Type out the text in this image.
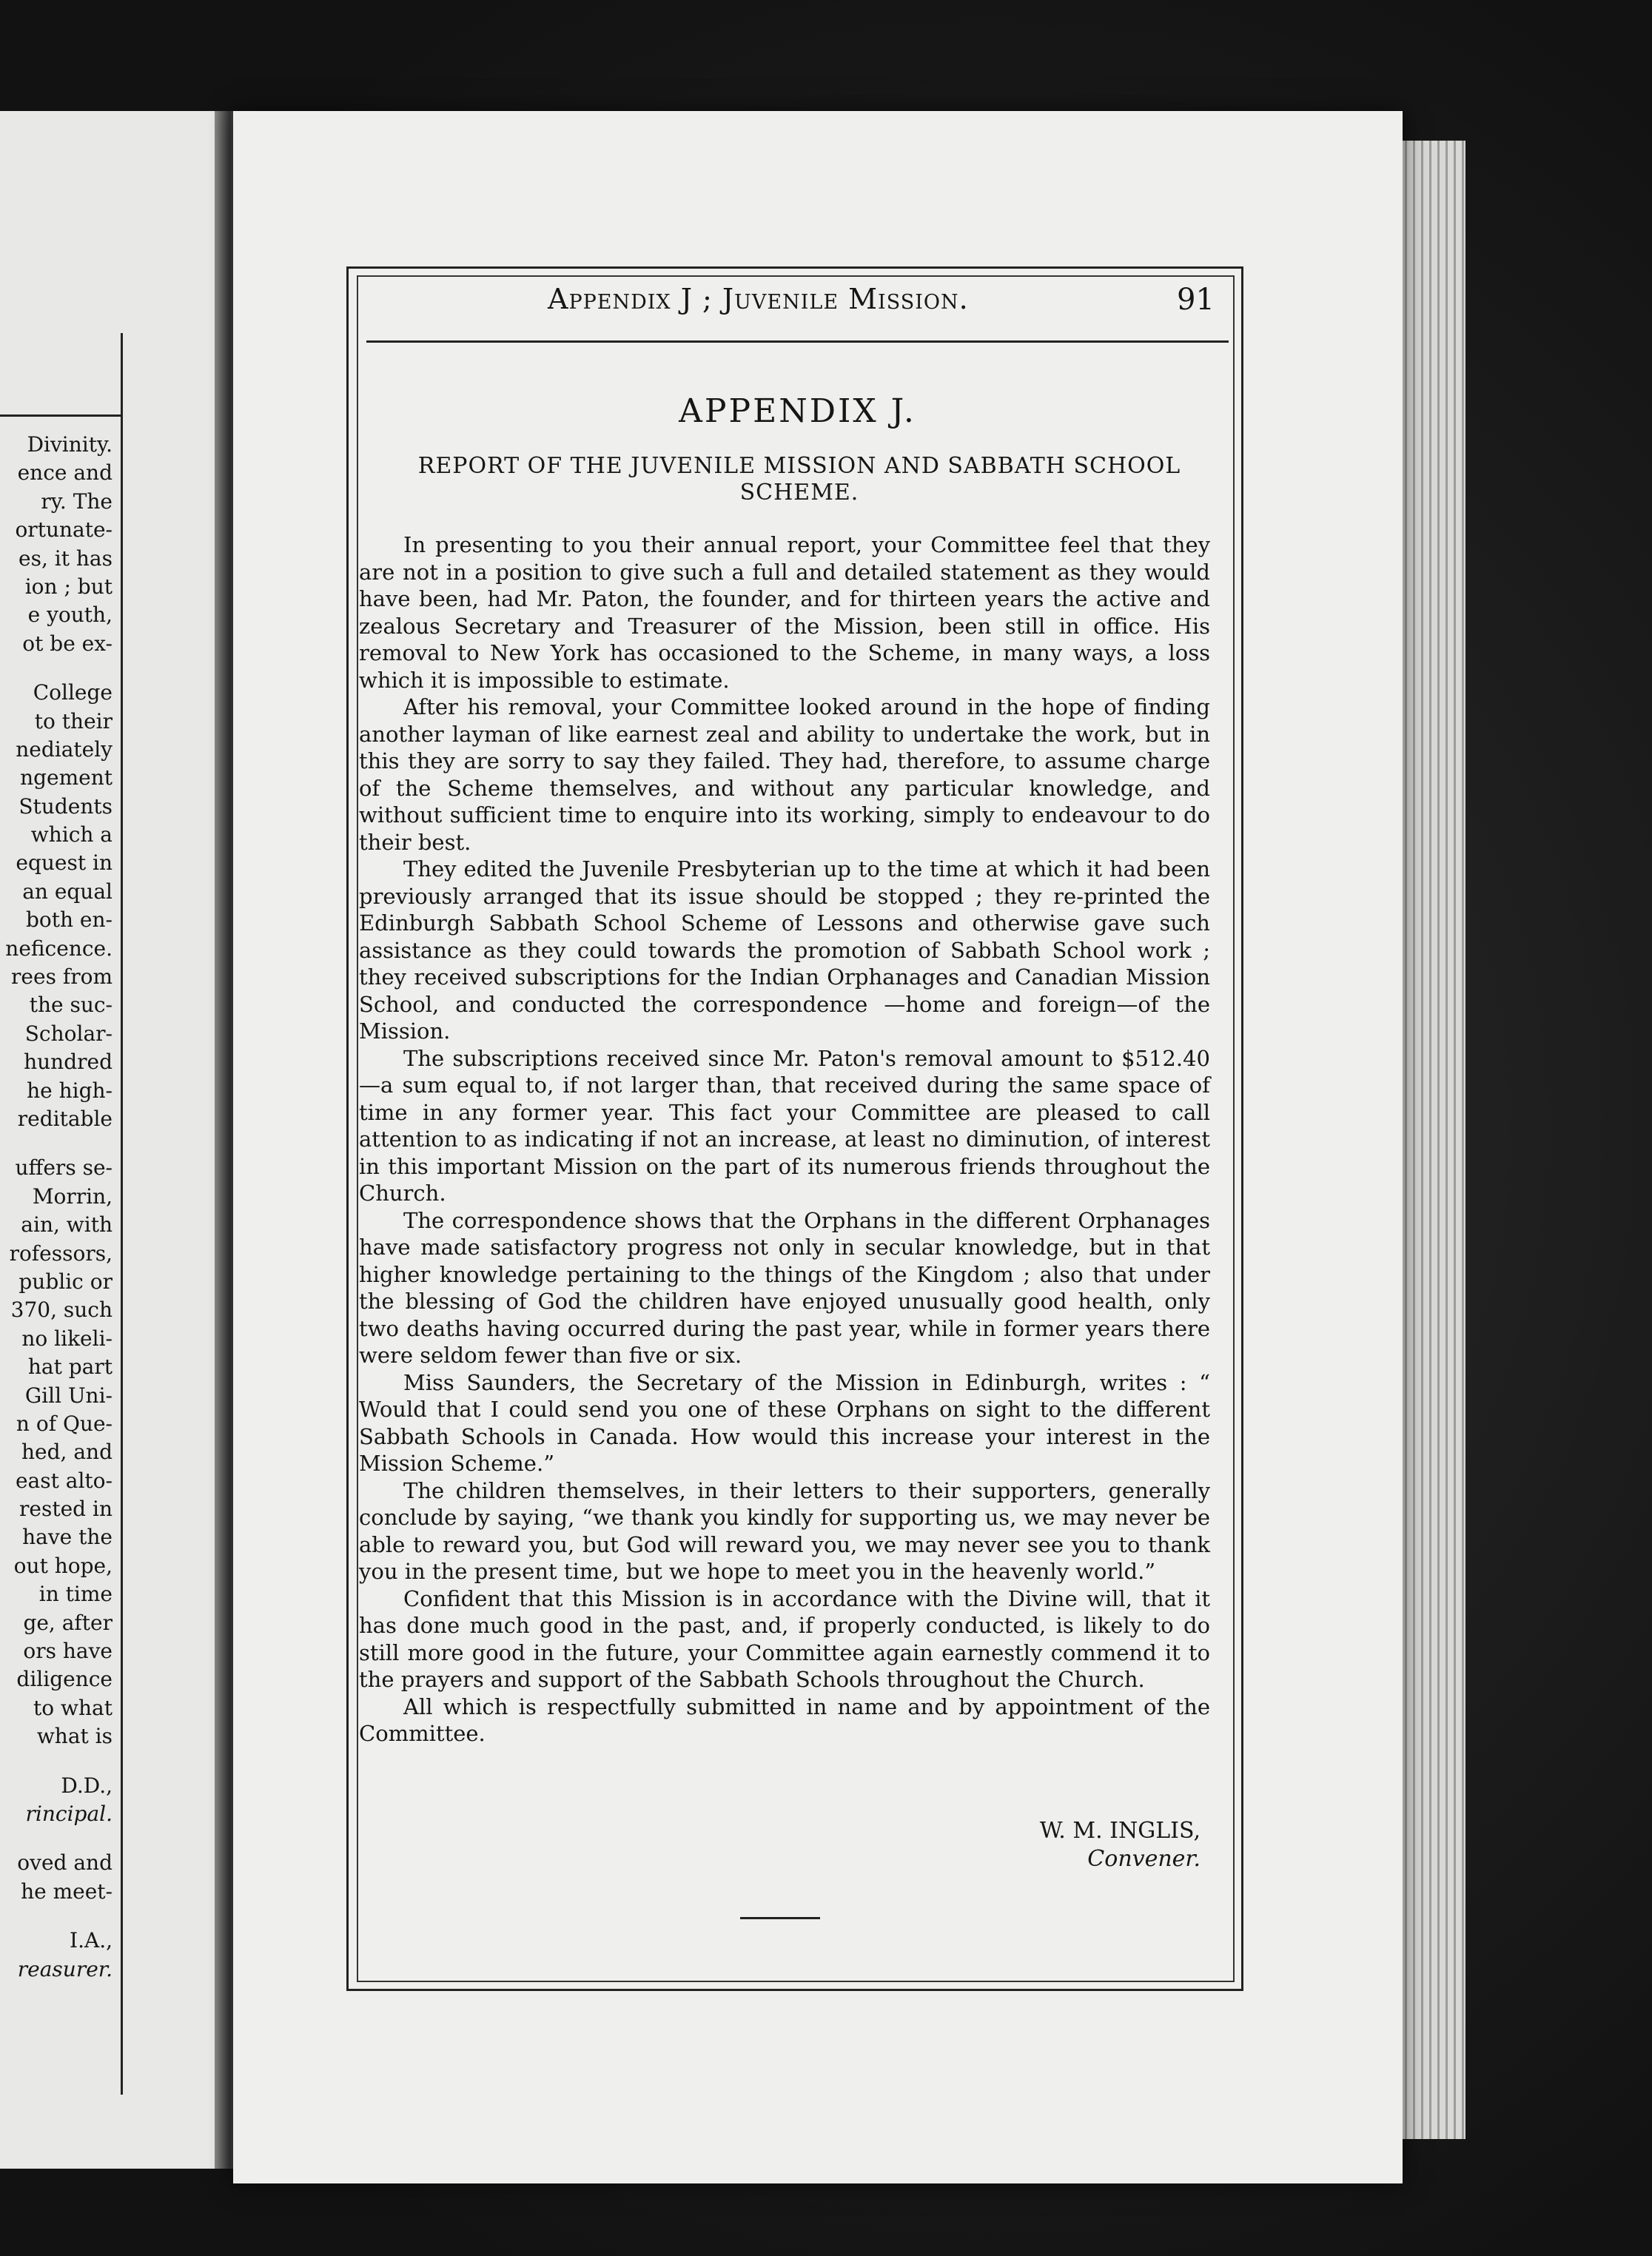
Divinity.
ence and
ry. The
ortunate-
es, it has
ion ; but
e youth,
ot be ex-
College
to their
nediately
ngement
Students
which a
equest in
an equal
both en-
neficence.
rees from
the suc-
Scholar-
hundred
he high-
reditable
uffers se-
Morrin,
ain, with
rofessors,
public or
370, such
no likeli-
hat part
Gill Uni-
n of Que-
hed, and
east alto-
rested in
have the
out hope,
in time
ge, after
ors have
diligence
to what
what is
D.D.,
rincipal.
oved and
he meet-
I.A.,
reasurer.
Appendix J ; Juvenile Mission.	91
APPENDIX J.
REPORT OF THE JUVENILE MISSION AND SABBATH SCHOOL SCHEME.

In presenting to you their annual report, your Committee feel that they are not in a position to give such a full and detailed statement as they would have been, had Mr. Paton, the founder, and for thirteen years the active and zealous Secretary and Treasurer of the Mission, been still in office. His removal to New York has occasioned to the Scheme, in many ways, a loss which it is impossible to estimate.

After his removal, your Committee looked around in the hope of finding another layman of like earnest zeal and ability to undertake the work, but in this they are sorry to say they failed. They had, therefore, to assume charge of the Scheme themselves, and without any particular knowledge, and without sufficient time to enquire into its working, simply to endeavour to do their best.

They edited the Juvenile Presbyterian up to the time at which it had been previously arranged that its issue should be stopped ; they re-printed the Edinburgh Sabbath School Scheme of Lessons and otherwise gave such assistance as they could towards the promotion of Sabbath School work ; they received subscriptions for the Indian Orphanages and Canadian Mission School, and conducted the correspondence —home and foreign—of the Mission.

The subscriptions received since Mr. Paton's removal amount to $512.40—a sum equal to, if not larger than, that received during the same space of time in any former year. This fact your Committee are pleased to call attention to as indicating if not an increase, at least no diminution, of interest in this important Mission on the part of its numerous friends throughout the Church.

The correspondence shows that the Orphans in the different Orphanages have made satisfactory progress not only in secular knowledge, but in that higher knowledge pertaining to the things of the Kingdom ; also that under the blessing of God the children have enjoyed unusually good health, only two deaths having occurred during the past year, while in former years there were seldom fewer than five or six.

Miss Saunders, the Secretary of the Mission in Edinburgh, writes : “ Would that I could send you one of these Orphans on sight to the different Sabbath Schools in Canada. How would this increase your interest in the Mission Scheme.”

The children themselves, in their letters to their supporters, generally conclude by saying, “we thank you kindly for supporting us, we may never be able to reward you, but God will reward you, we may never see you to thank you in the present time, but we hope to meet you in the heavenly world.”

Confident that this Mission is in accordance with the Divine will, that it has done much good in the past, and, if properly conducted, is likely to do still more good in the future, your Committee again earnestly commend it to the prayers and support of the Sabbath Schools throughout the Church.

All which is respectfully submitted in name and by appointment of the Committee.

W. M. INGLIS,
Convener.
